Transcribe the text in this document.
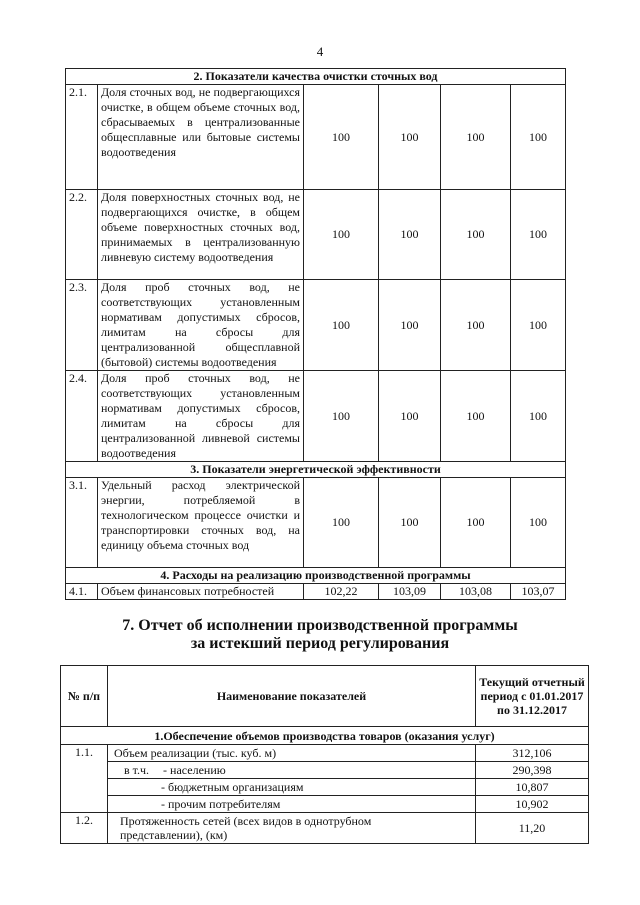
4
2. Показатели качества очистки сточных вод					
2.1.	Доля сточных вод, не подвергающихся очистке, в общем объеме сточных вод, сбрасываемых в централизованные общесплавные или бытовые системы водоотведения	100	100	100	100
2.2.	Доля поверхностных сточных вод, не подвергающихся очистке, в общем объеме поверхностных сточных вод, принимаемых в централизованную ливневую систему водоотведения	100	100	100	100
2.3.	Доля проб сточных вод, не соответствующих установленным нормативам допустимых сбросов, лимитам на сбросы для централизованной общесплавной (бытовой) системы водоотведения	100	100	100	100
2.4.	Доля проб сточных вод, не соответствующих установленным нормативам допустимых сбросов, лимитам на сбросы для централизованной ливневой системы водоотведения	100	100	100	100
3. Показатели энергетической эффективности					
3.1.	Удельный расход электрической энергии, потребляемой в технологическом процессе очистки и транспортировки сточных вод, на единицу объема сточных вод	100	100	100	100
4. Расходы на реализацию производственной программы					
4.1.	Объем финансовых потребностей	102,22	103,09	103,08	103,07
7. Отчет об исполнении производственной программы
за истекший период регулирования
№ п/п	Наименование показателей	Текущий отчетный период с 01.01.2017 по 31.12.2017
1.Обеспечение объемов производства товаров (оказания услуг)		
1.1.	Объем реализации (тыс. куб. м)	312,106
	в т.ч. - населению	290,398
	- бюджетным организациям	10,807
	- прочим потребителям	10,902
1.2.	Протяженность сетей (всех видов в однотрубном представлении), (км)	11,20
